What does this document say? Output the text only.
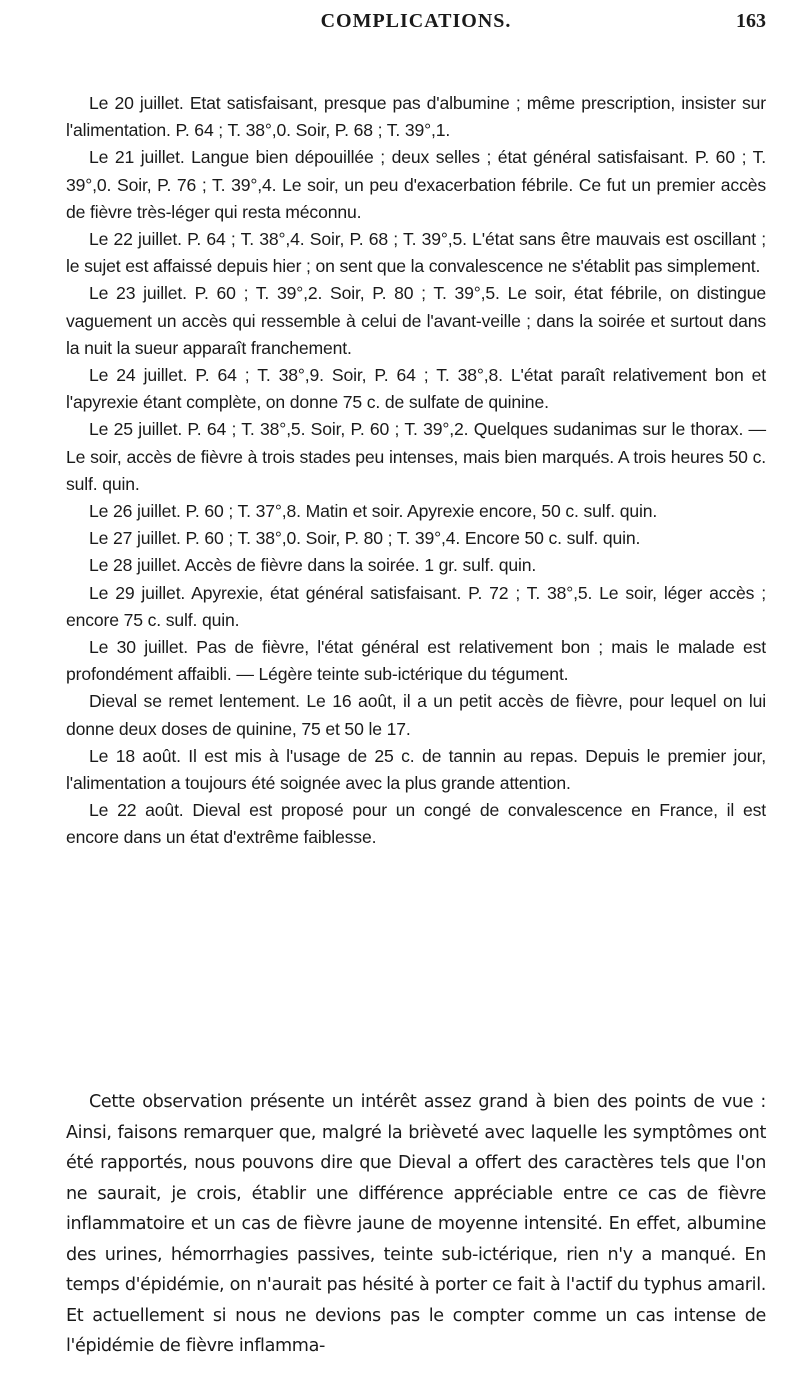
COMPLICATIONS.	163

Le 20 juillet. Etat satisfaisant, presque pas d'albumine ; même prescription, insister sur l'alimentation. P. 64 ; T. 38°,0. Soir, P. 68 ; T. 39°,1.

Le 21 juillet. Langue bien dépouillée ; deux selles ; état général satisfaisant. P. 60 ; T. 39°,0. Soir, P. 76 ; T. 39°,4. Le soir, un peu d'exacerbation fébrile. Ce fut un premier accès de fièvre très-léger qui resta méconnu.

Le 22 juillet. P. 64 ; T. 38°,4. Soir, P. 68 ; T. 39°,5. L'état sans être mauvais est oscillant ; le sujet est affaissé depuis hier ; on sent que la convalescence ne s'établit pas simplement.

Le 23 juillet. P. 60 ; T. 39°,2. Soir, P. 80 ; T. 39°,5. Le soir, état fébrile, on distingue vaguement un accès qui ressemble à celui de l'avant-veille ; dans la soirée et surtout dans la nuit la sueur apparaît franchement.

Le 24 juillet. P. 64 ; T. 38°,9. Soir, P. 64 ; T. 38°,8. L'état paraît relativement bon et l'apyrexie étant complète, on donne 75 c. de sulfate de quinine.

Le 25 juillet. P. 64 ; T. 38°,5. Soir, P. 60 ; T. 39°,2. Quelques sudanimas sur le thorax. — Le soir, accès de fièvre à trois stades peu intenses, mais bien marqués. A trois heures 50 c. sulf. quin.

Le 26 juillet. P. 60 ; T. 37°,8. Matin et soir. Apyrexie encore, 50 c. sulf. quin.

Le 27 juillet. P. 60 ; T. 38°,0. Soir, P. 80 ; T. 39°,4. Encore 50 c. sulf. quin.

Le 28 juillet. Accès de fièvre dans la soirée. 1 gr. sulf. quin.

Le 29 juillet. Apyrexie, état général satisfaisant. P. 72 ; T. 38°,5. Le soir, léger accès ; encore 75 c. sulf. quin.

Le 30 juillet. Pas de fièvre, l'état général est relativement bon ; mais le malade est profondément affaibli. — Légère teinte sub-ictérique du tégument.

Dieval se remet lentement. Le 16 août, il a un petit accès de fièvre, pour lequel on lui donne deux doses de quinine, 75 et 50 le 17.

Le 18 août. Il est mis à l'usage de 25 c. de tannin au repas. Depuis le premier jour, l'alimentation a toujours été soignée avec la plus grande attention.

Le 22 août. Dieval est proposé pour un congé de convalescence en France, il est encore dans un état d'extrême faiblesse.

Cette observation présente un intérêt assez grand à bien des points de vue : Ainsi, faisons remarquer que, malgré la brièveté avec laquelle les symptômes ont été rapportés, nous pouvons dire que Dieval a offert des caractères tels que l'on ne saurait, je crois, établir une différence appréciable entre ce cas de fièvre inflammatoire et un cas de fièvre jaune de moyenne intensité. En effet, albumine des urines, hémorrhagies passives, teinte sub-ictérique, rien n'y a manqué. En temps d'épidémie, on n'aurait pas hésité à porter ce fait à l'actif du typhus amaril. Et actuellement si nous ne devions pas le compter comme un cas intense de l'épidémie de fièvre inflamma-
